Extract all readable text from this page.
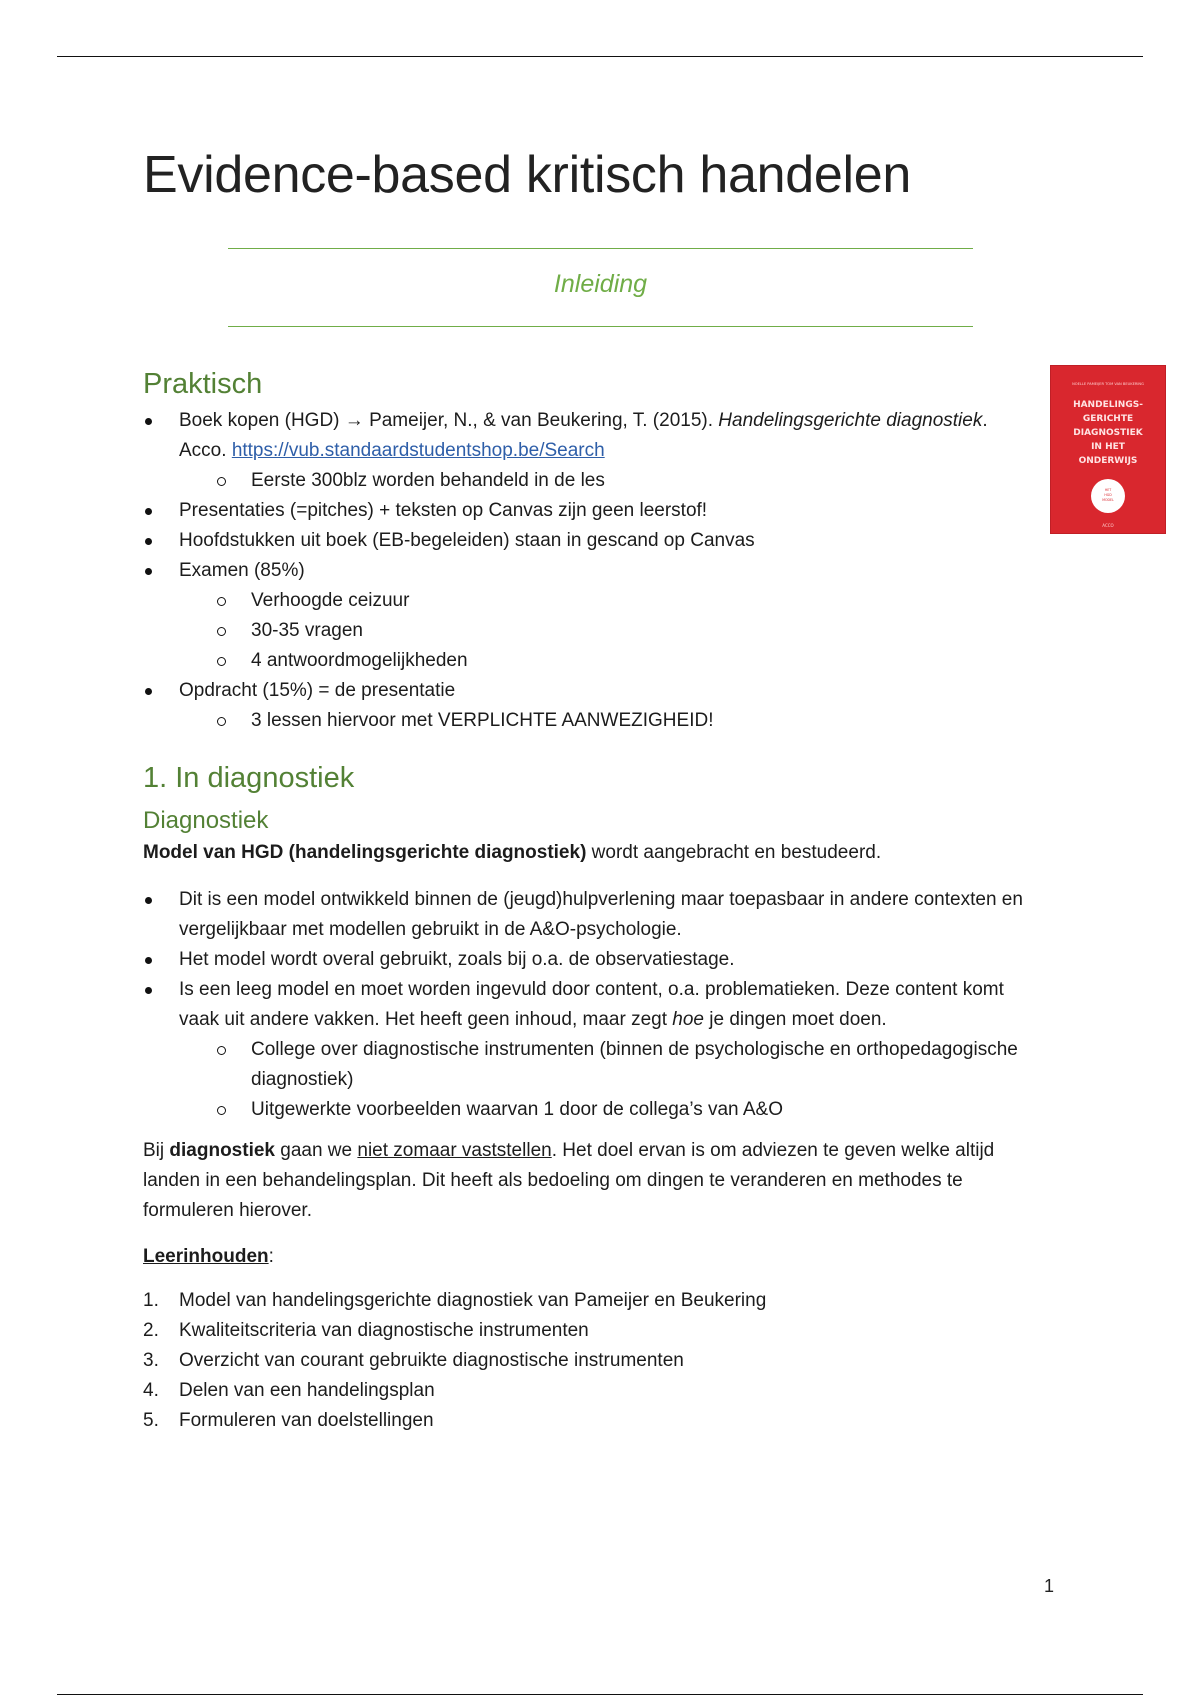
Evidence-based kritisch handelen
Inleiding
Praktisch
Boek kopen (HGD) → Pameijer, N., & van Beukering, T. (2015). Handelingsgerichte diagnostiek.
Acco. https://vub.standaardstudentshop.be/Search
Eerste 300blz worden behandeld in de les
Presentaties (=pitches) + teksten op Canvas zijn geen leerstof!
Hoofdstukken uit boek (EB-begeleiden) staan in gescand op Canvas
Examen (85%)
Verhoogde ceizuur
30-35 vragen
4 antwoordmogelijkheden
Opdracht (15%) = de presentatie
3 lessen hiervoor met VERPLICHTE AANWEZIGHEID!
NOELLE PAMEIJER TOM VAN BEUKERING
HANDELINGS-
GERICHTE
DIAGNOSTIEK
IN HET
ONDERWIJS
HET
HGD
MODEL
ACCO
1. In diagnostiek
Diagnostiek

Model van HGD (handelingsgerichte diagnostiek) wordt aangebracht en bestudeerd.

Dit is een model ontwikkeld binnen de (jeugd)hulpverlening maar toepasbaar in andere contexten en vergelijkbaar met modellen gebruikt in de A&O-psychologie.
Het model wordt overal gebruikt, zoals bij o.a. de observatiestage.
Is een leeg model en moet worden ingevuld door content, o.a. problematieken. Deze content komt vaak uit andere vakken. Het heeft geen inhoud, maar zegt hoe je dingen moet doen.
College over diagnostische instrumenten (binnen de psychologische en orthopedagogische diagnostiek)
Uitgewerkte voorbeelden waarvan 1 door de collega’s van A&O

Bij diagnostiek gaan we niet zomaar vaststellen. Het doel ervan is om adviezen te geven welke altijd landen in een behandelingsplan. Dit heeft als bedoeling om dingen te veranderen en methodes te formuleren hierover.

Leerinhouden:

1.	Model van handelingsgerichte diagnostiek van Pameijer en Beukering
2.	Kwaliteitscriteria van diagnostische instrumenten
3.	Overzicht van courant gebruikte diagnostische instrumenten
4.	Delen van een handelingsplan
5.	Formuleren van doelstellingen
1
